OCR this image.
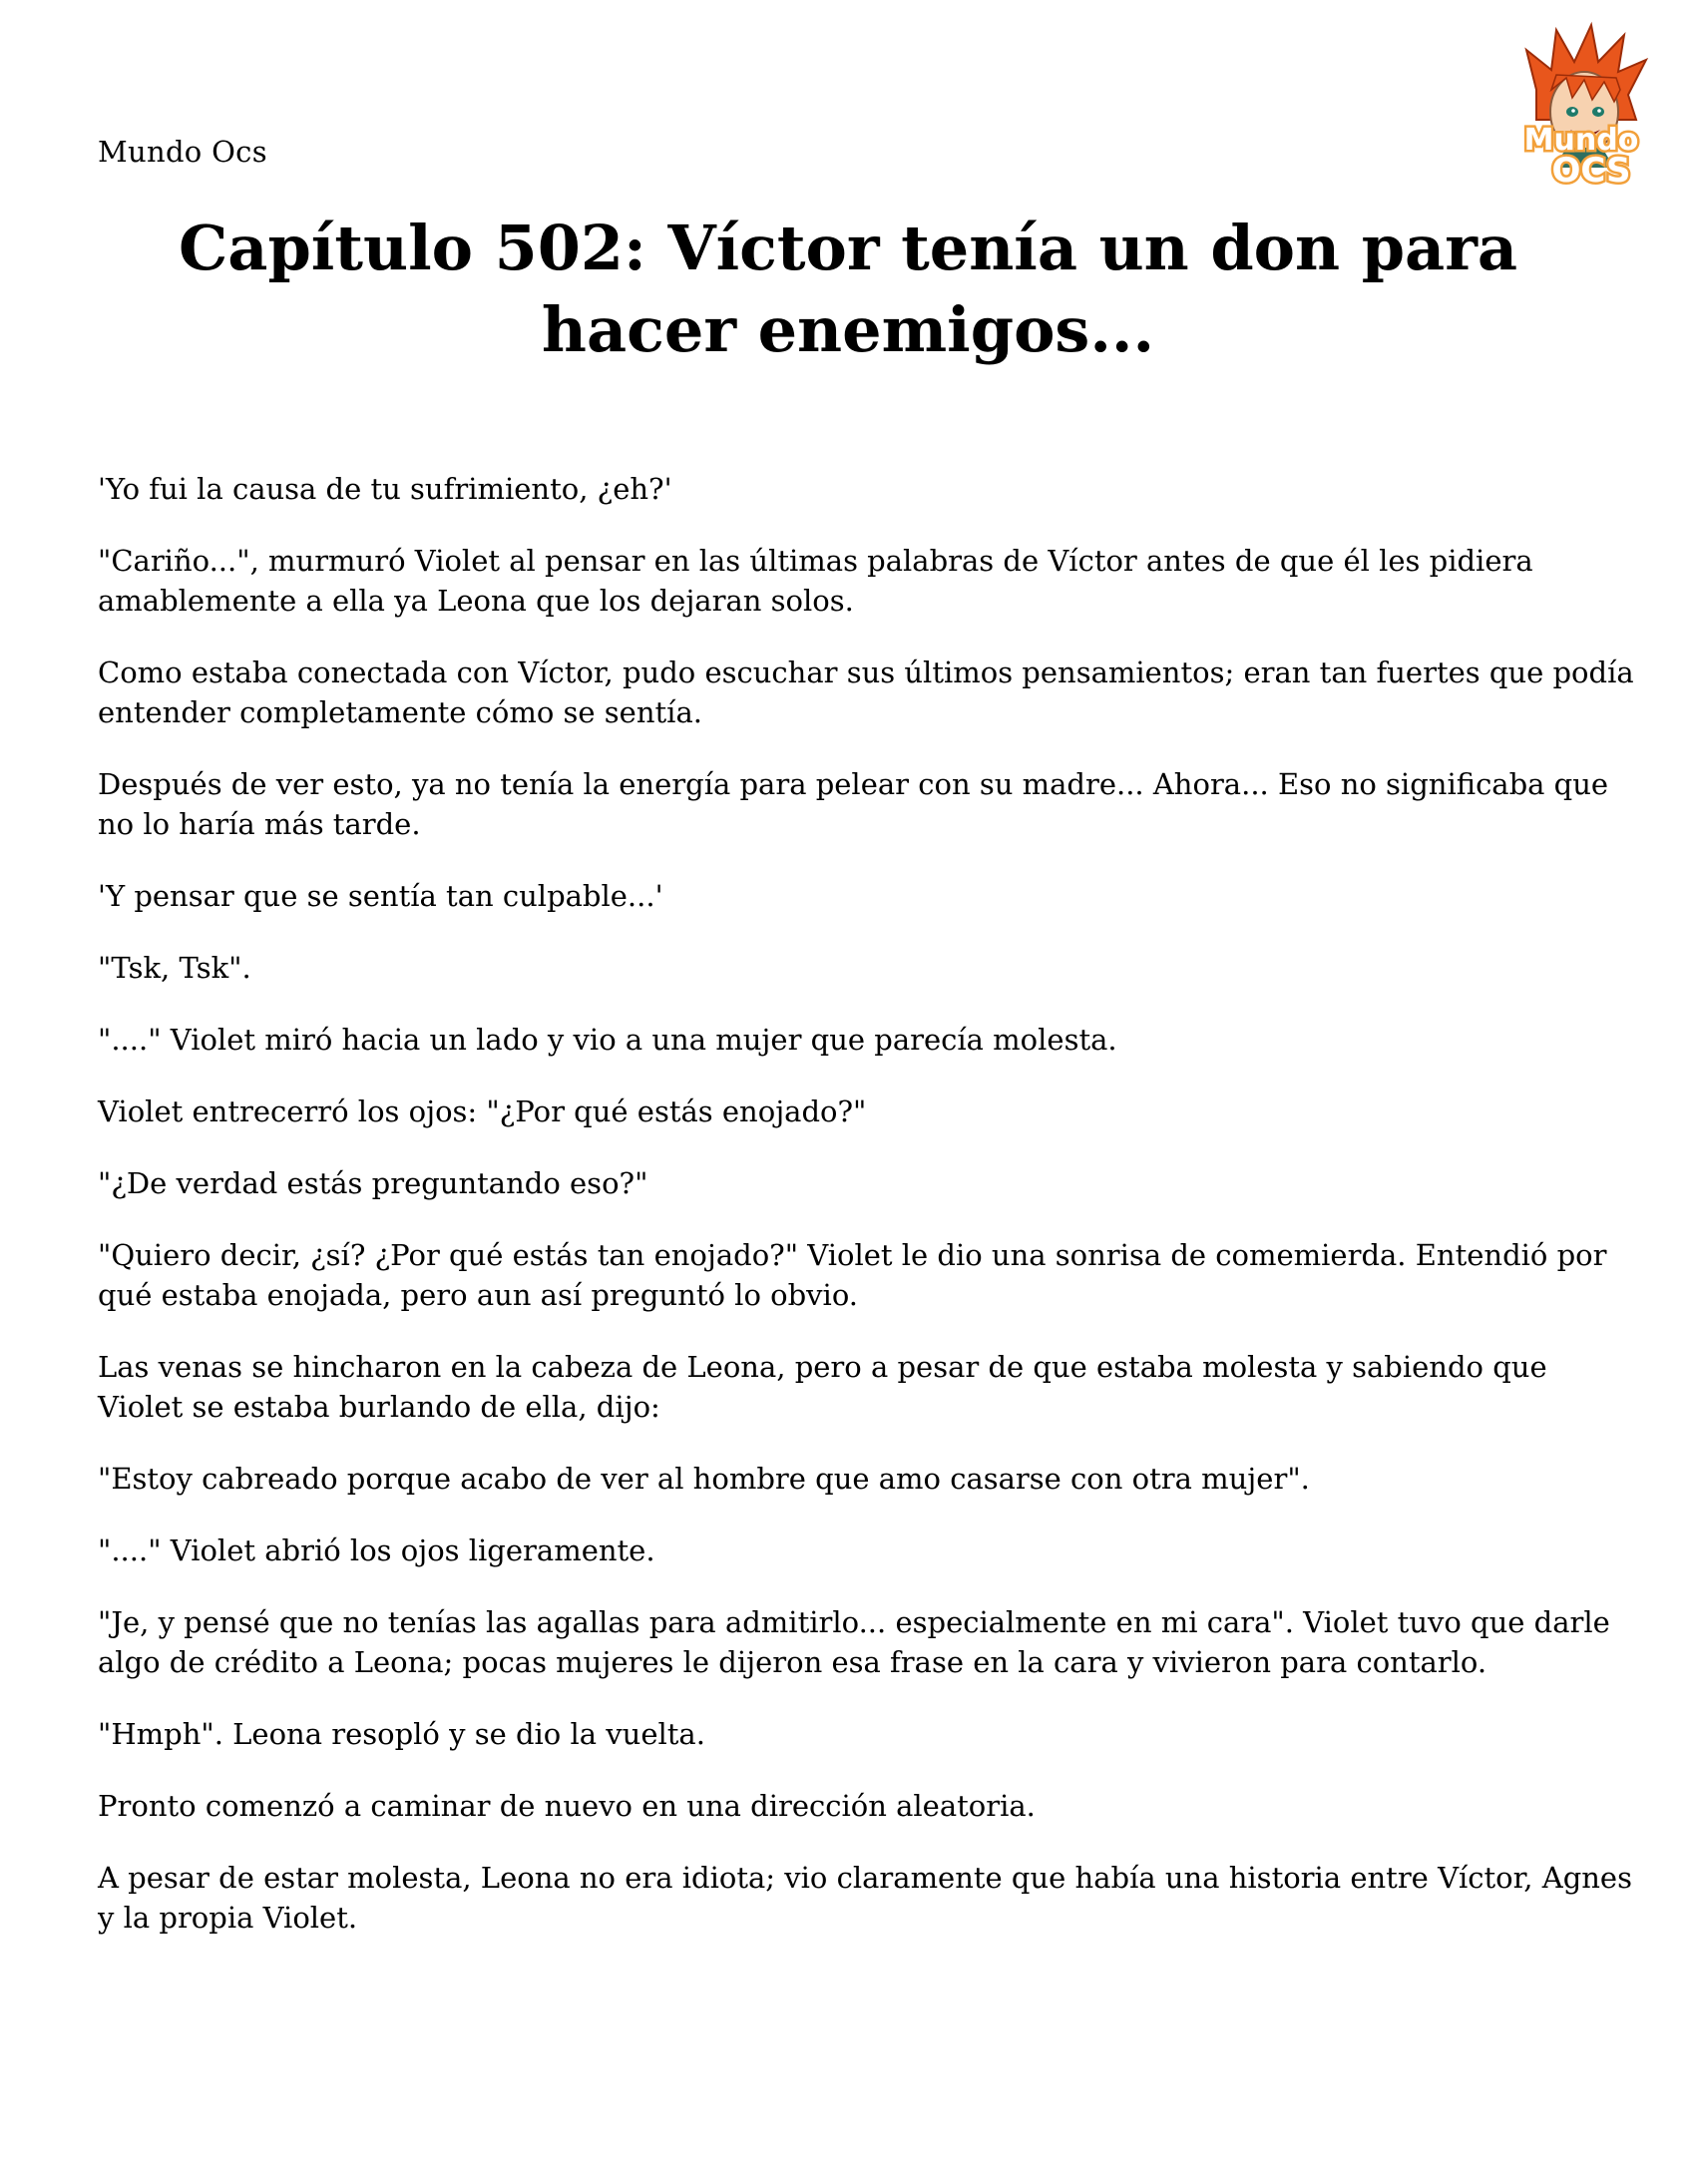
Mundo Ocs	Mundo
OCS
Capítulo 502: Víctor tenía un don para hacer enemigos...

'Yo fui la causa de tu sufrimiento, ¿eh?'

"Cariño...", murmuró Violet al pensar en las últimas palabras de Víctor antes de que él les pidiera amablemente a ella ya Leona que los dejaran solos.

Como estaba conectada con Víctor, pudo escuchar sus últimos pensamientos; eran tan fuertes que podía entender completamente cómo se sentía.

Después de ver esto, ya no tenía la energía para pelear con su madre... Ahora... Eso no significaba que no lo haría más tarde.

'Y pensar que se sentía tan culpable...'

"Tsk, Tsk".

"...." Violet miró hacia un lado y vio a una mujer que parecía molesta.

Violet entrecerró los ojos: "¿Por qué estás enojado?"

"¿De verdad estás preguntando eso?"

"Quiero decir, ¿sí? ¿Por qué estás tan enojado?" Violet le dio una sonrisa de comemierda. Entendió por qué estaba enojada, pero aun así preguntó lo obvio.

Las venas se hincharon en la cabeza de Leona, pero a pesar de que estaba molesta y sabiendo que Violet se estaba burlando de ella, dijo:

"Estoy cabreado porque acabo de ver al hombre que amo casarse con otra mujer".

"...." Violet abrió los ojos ligeramente.

"Je, y pensé que no tenías las agallas para admitirlo... especialmente en mi cara". Violet tuvo que darle algo de crédito a Leona; pocas mujeres le dijeron esa frase en la cara y vivieron para contarlo.

"Hmph". Leona resopló y se dio la vuelta.

Pronto comenzó a caminar de nuevo en una dirección aleatoria.

A pesar de estar molesta, Leona no era idiota; vio claramente que había una historia entre Víctor, Agnes y la propia Violet.
